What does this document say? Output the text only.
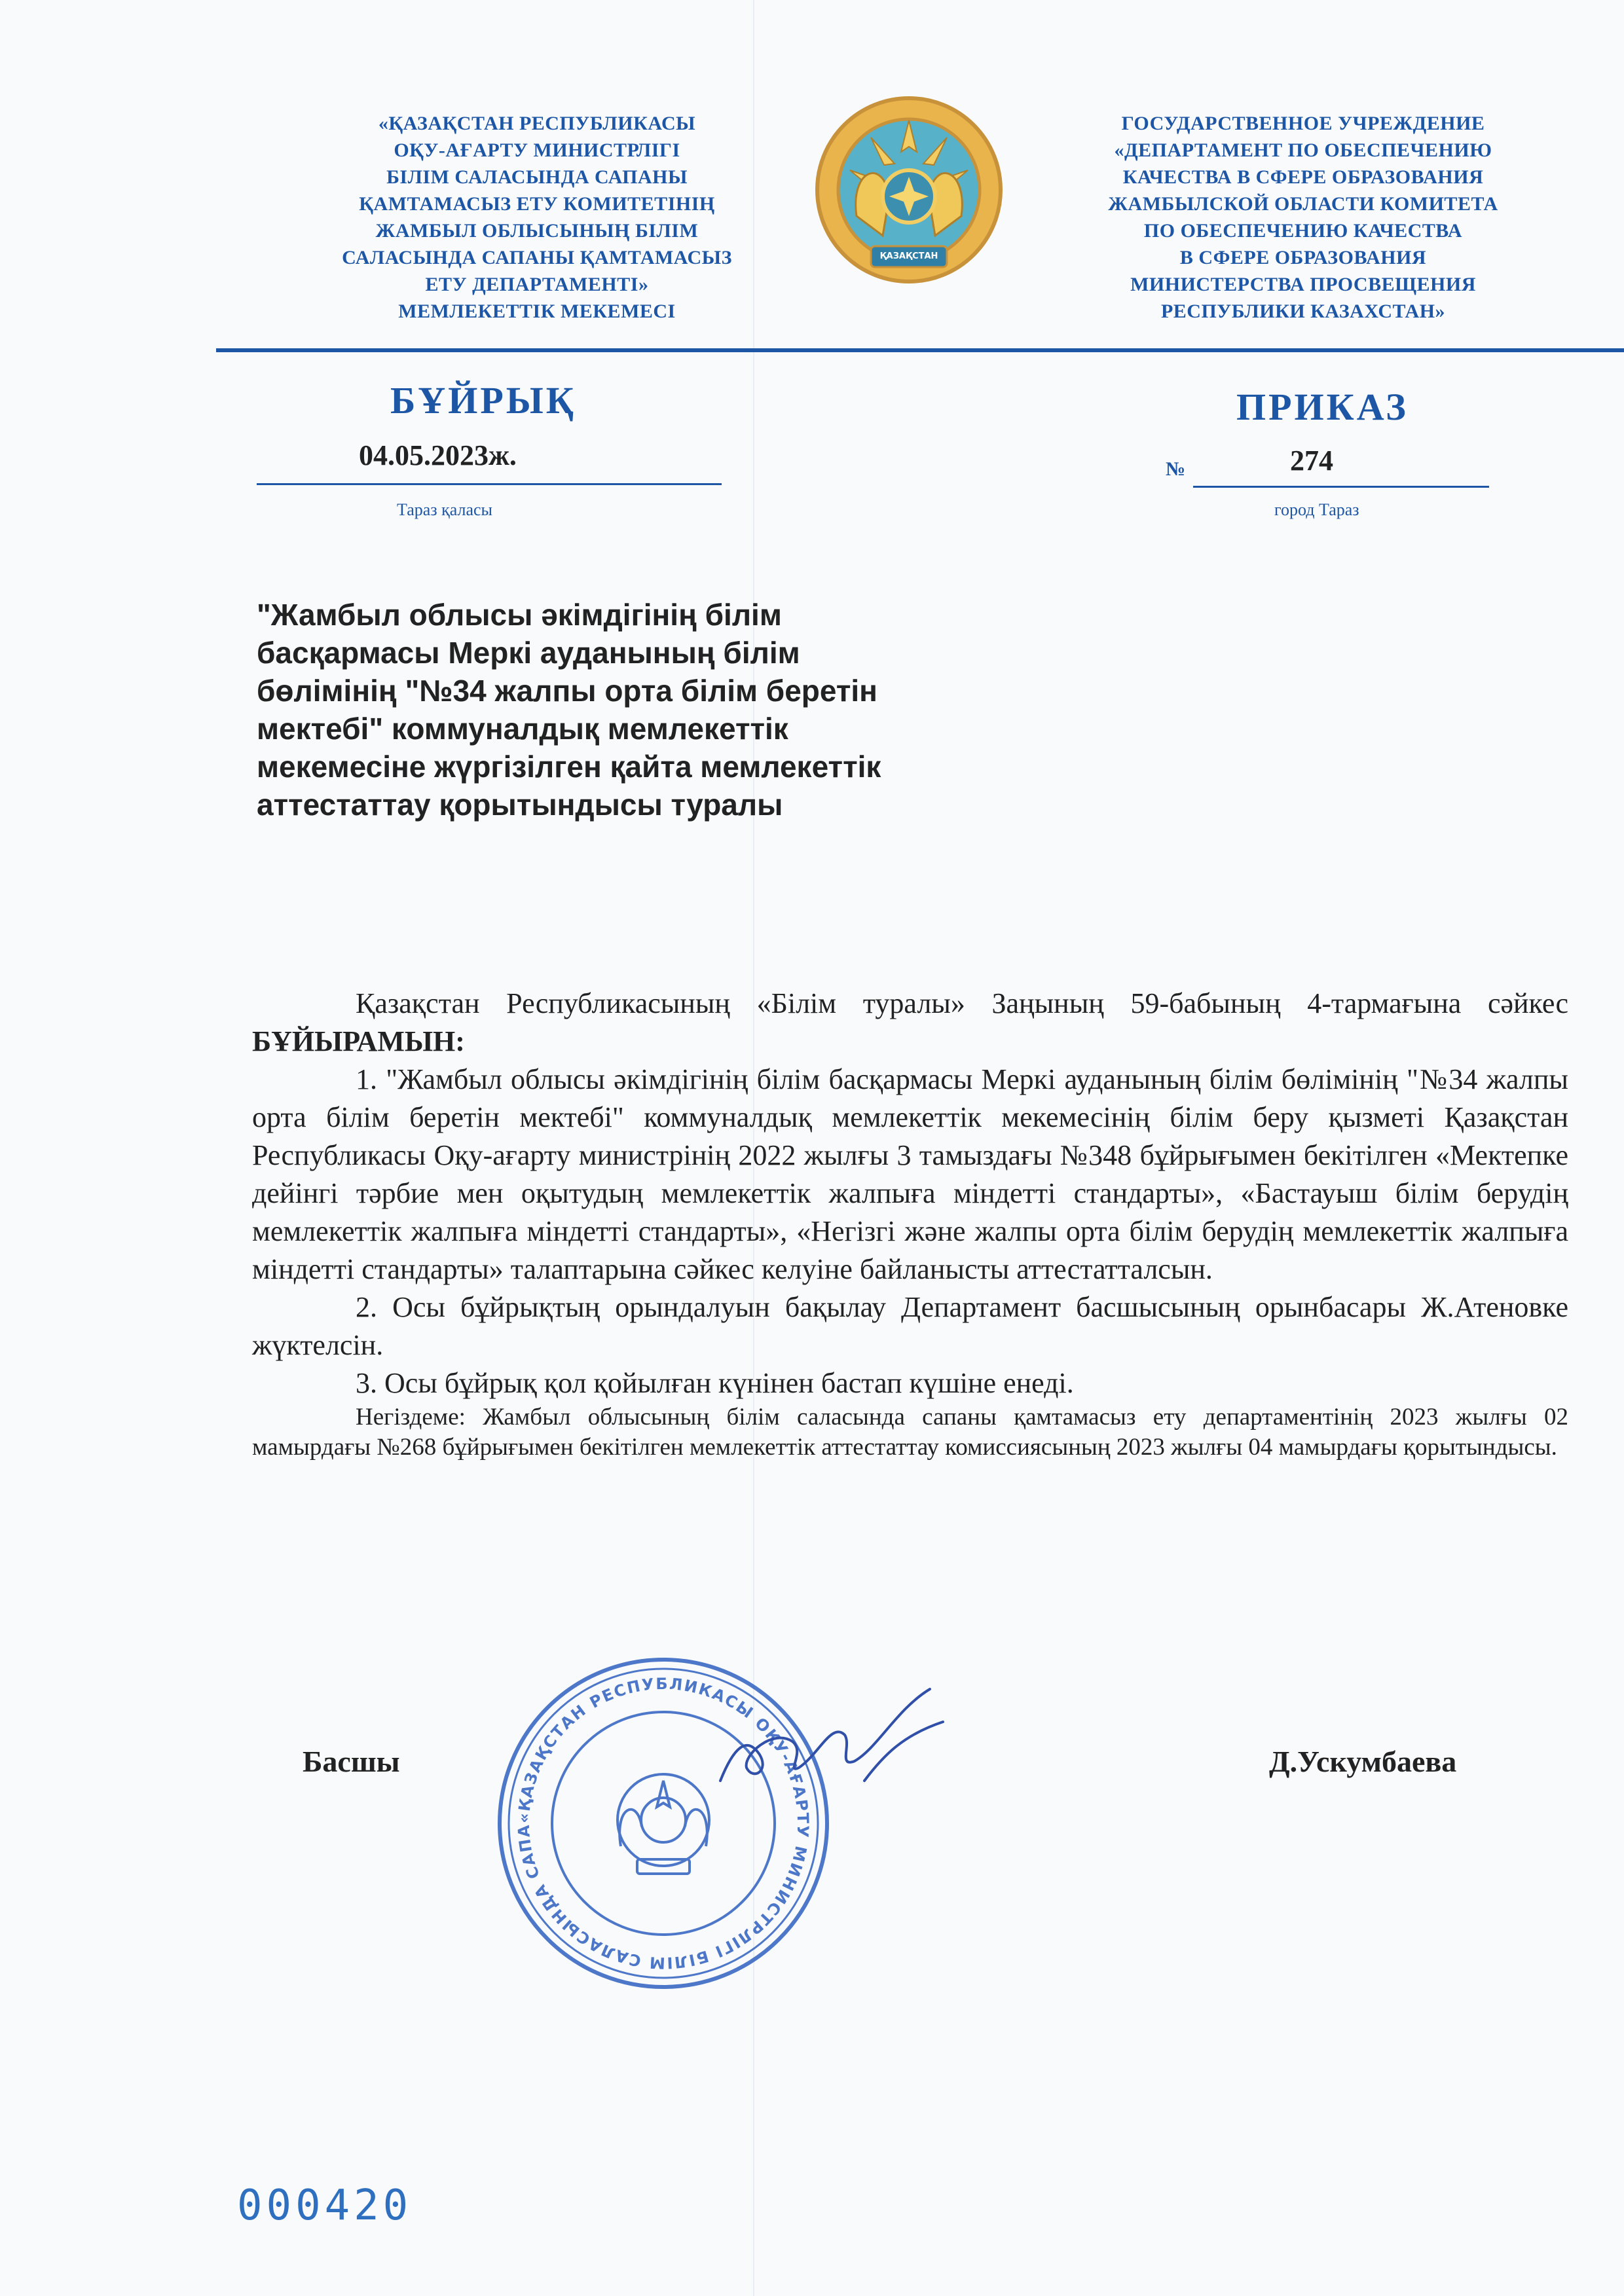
«ҚАЗАҚСТАН РЕСПУБЛИКАСЫ
ОҚУ-АҒАРТУ МИНИСТРЛІГІ
БІЛІМ САЛАСЫНДА САПАНЫ
ҚАМТАМАСЫЗ ЕТУ КОМИТЕТІНІҢ
ЖАМБЫЛ ОБЛЫСЫНЫҢ БІЛІМ
САЛАСЫНДА САПАНЫ ҚАМТАМАСЫЗ
ЕТУ ДЕПАРТАМЕНТІ»
МЕМЛЕКЕТТІК МЕКЕМЕСІ
ҚАЗАҚСТАН
ГОСУДАРСТВЕННОЕ УЧРЕЖДЕНИЕ
«ДЕПАРТАМЕНТ ПО ОБЕСПЕЧЕНИЮ
КАЧЕСТВА В СФЕРЕ ОБРАЗОВАНИЯ
ЖАМБЫЛСКОЙ ОБЛАСТИ КОМИТЕТА
ПО ОБЕСПЕЧЕНИЮ КАЧЕСТВА
В СФЕРЕ ОБРАЗОВАНИЯ
МИНИСТЕРСТВА ПРОСВЕЩЕНИЯ
РЕСПУБЛИКИ КАЗАХСТАН»
БҰЙРЫҚ	ПРИКАЗ
04.05.2023ж.
Тараз қаласы
№	274
город Тараз
"Жамбыл облысы әкімдігінің білім басқармасы Меркі ауданының білім бөлімінің "№34 жалпы орта білім беретін мектебі" коммуналдық мемлекеттік мекемесіне жүргізілген қайта мемлекеттік аттестаттау қорытындысы туралы

Қазақстан Республикасының «Білім туралы» Заңының 59-бабының 4-тармағына сәйкес БҰЙЫРАМЫН:

1. "Жамбыл облысы әкімдігінің білім басқармасы Меркі ауданының білім бөлімінің "№34 жалпы орта білім беретін мектебі" коммуналдық мемлекеттік мекемесінің білім беру қызметі Қазақстан Республикасы Оқу-ағарту министрінің 2022 жылғы 3 тамыздағы №348 бұйрығымен бекітілген «Мектепке дейінгі тәрбие мен оқытудың мемлекеттік жалпыға міндетті стандарты», «Бастауыш білім берудің мемлекеттік жалпыға міндетті стандарты», «Негізгі және жалпы орта білім берудің мемлекеттік жалпыға міндетті стандарты» талаптарына сәйкес келуіне байланысты аттестатталсын.

2. Осы бұйрықтың орындалуын бақылау Департамент басшысының орынбасары Ж.Атеновке жүктелсін.

3. Осы бұйрық қол қойылған күнінен бастап күшіне енеді.

Негіздеме: Жамбыл облысының білім саласында сапаны қамтамасыз ету департаментінің 2023 жылғы 02 мамырдағы №268 бұйрығымен бекітілген мемлекеттік аттестаттау комиссиясының 2023 жылғы 04 мамырдағы қорытындысы.

Басшы	Д.Ускумбаева
«ҚАЗАҚСТАН РЕСПУБЛИКАСЫ ОҚУ-АҒАРТУ МИНИСТРЛІГІ БІЛІМ САЛАСЫНДА САПА
000420
